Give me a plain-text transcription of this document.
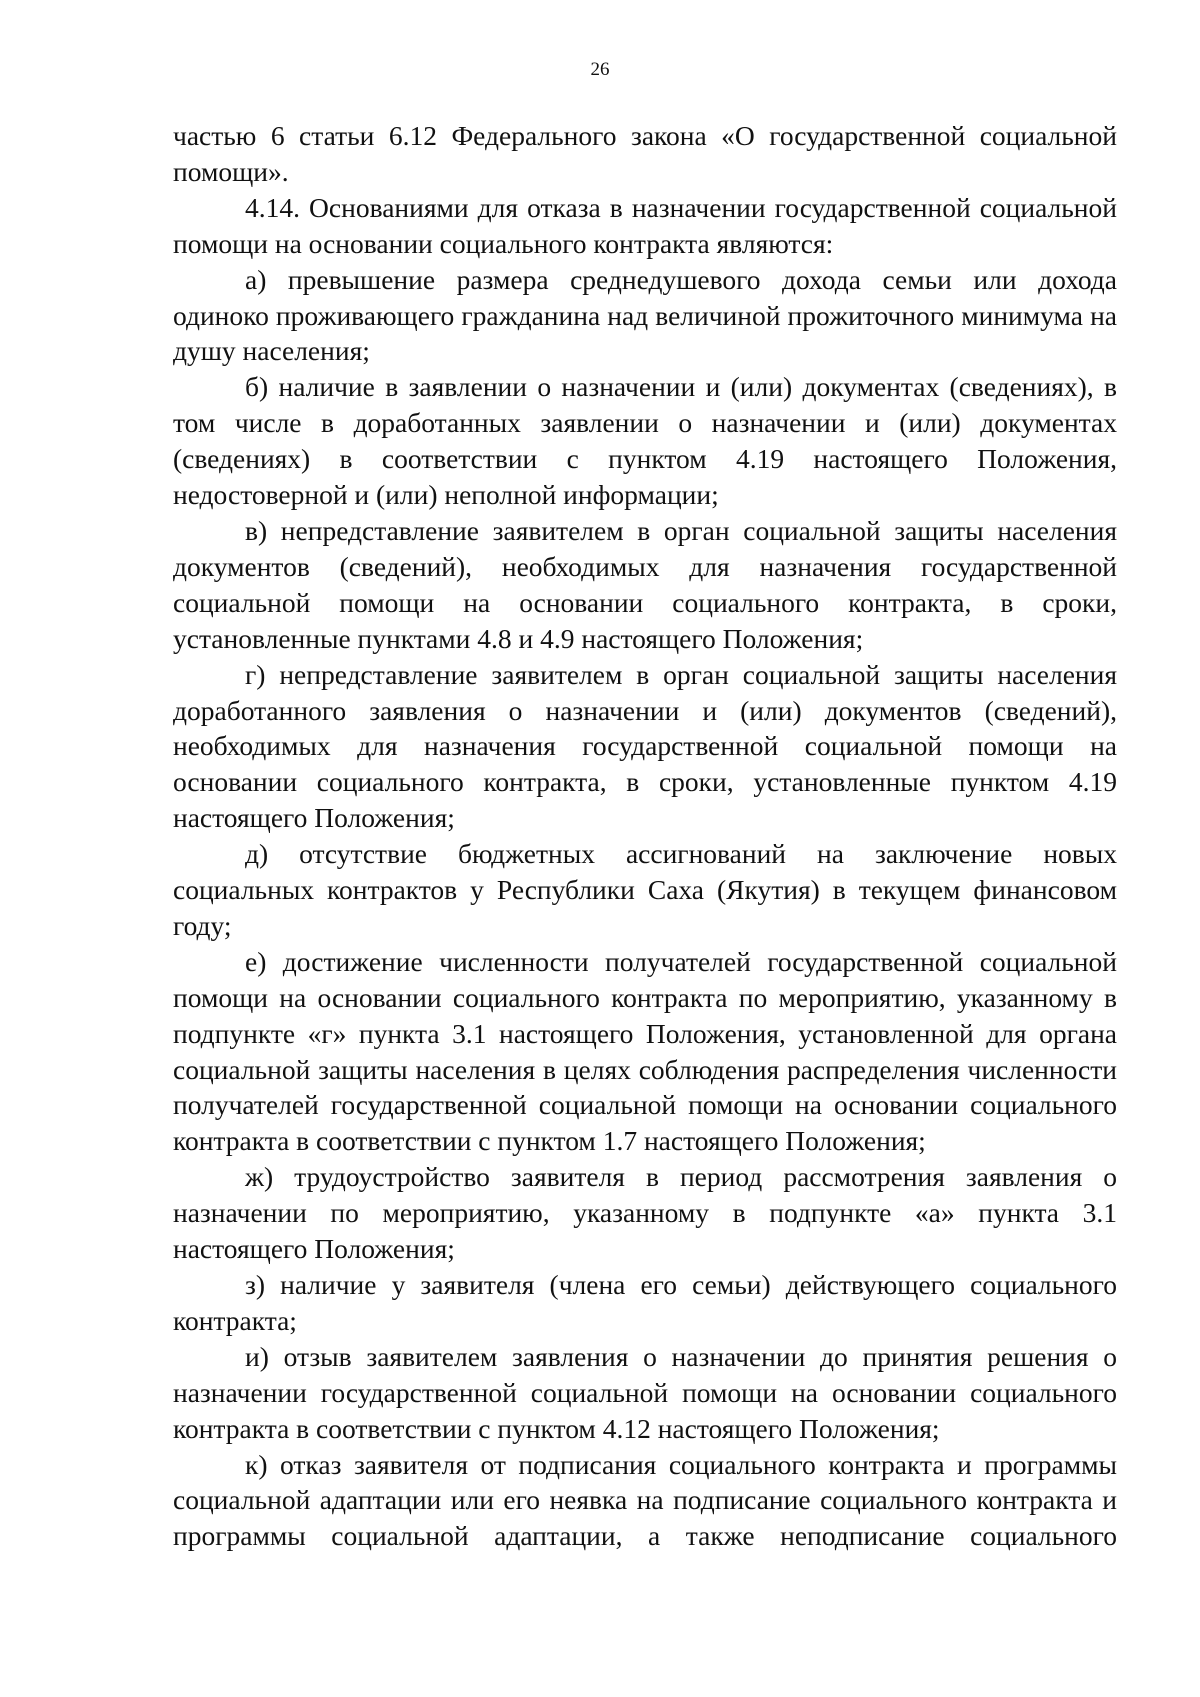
26

частью 6 статьи 6.12 Федерального закона «О государственной социальной помощи».

4.14. Основаниями для отказа в назначении государственной социальной помощи на основании социального контракта являются:

а) превышение размера среднедушевого дохода семьи или дохода одиноко проживающего гражданина над величиной прожиточного минимума на душу населения;

б) наличие в заявлении о назначении и (или) документах (сведениях), в том числе в доработанных заявлении о назначении и (или) документах (сведениях) в соответствии с пунктом 4.19 настоящего Положения, недостоверной и (или) неполной информации;

в) непредставление заявителем в орган социальной защиты населения документов (сведений), необходимых для назначения государственной социальной помощи на основании социального контракта, в сроки, установленные пунктами 4.8 и 4.9 настоящего Положения;

г) непредставление заявителем в орган социальной защиты населения доработанного заявления о назначении и (или) документов (сведений), необходимых для назначения государственной социальной помощи на основании социального контракта, в сроки, установленные пунктом 4.19 настоящего Положения;

д) отсутствие бюджетных ассигнований на заключение новых социальных контрактов у Республики Саха (Якутия) в текущем финансовом году;

е) достижение численности получателей государственной социальной помощи на основании социального контракта по мероприятию, указанному в подпункте «г» пункта 3.1 настоящего Положения, установленной для органа социальной защиты населения в целях соблюдения распределения численности получателей государственной социальной помощи на основании социального контракта в соответствии с пунктом 1.7 настоящего Положения;

ж) трудоустройство заявителя в период рассмотрения заявления о назначении по мероприятию, указанному в подпункте «а» пункта 3.1 настоящего Положения;

з) наличие у заявителя (члена его семьи) действующего социального контракта;

и) отзыв заявителем заявления о назначении до принятия решения о назначении государственной социальной помощи на основании социального контракта в соответствии с пунктом 4.12 настоящего Положения;

к) отказ заявителя от подписания социального контракта и программы социальной адаптации или его неявка на подписание социального контракта и программы социальной адаптации, а также неподписание социального
